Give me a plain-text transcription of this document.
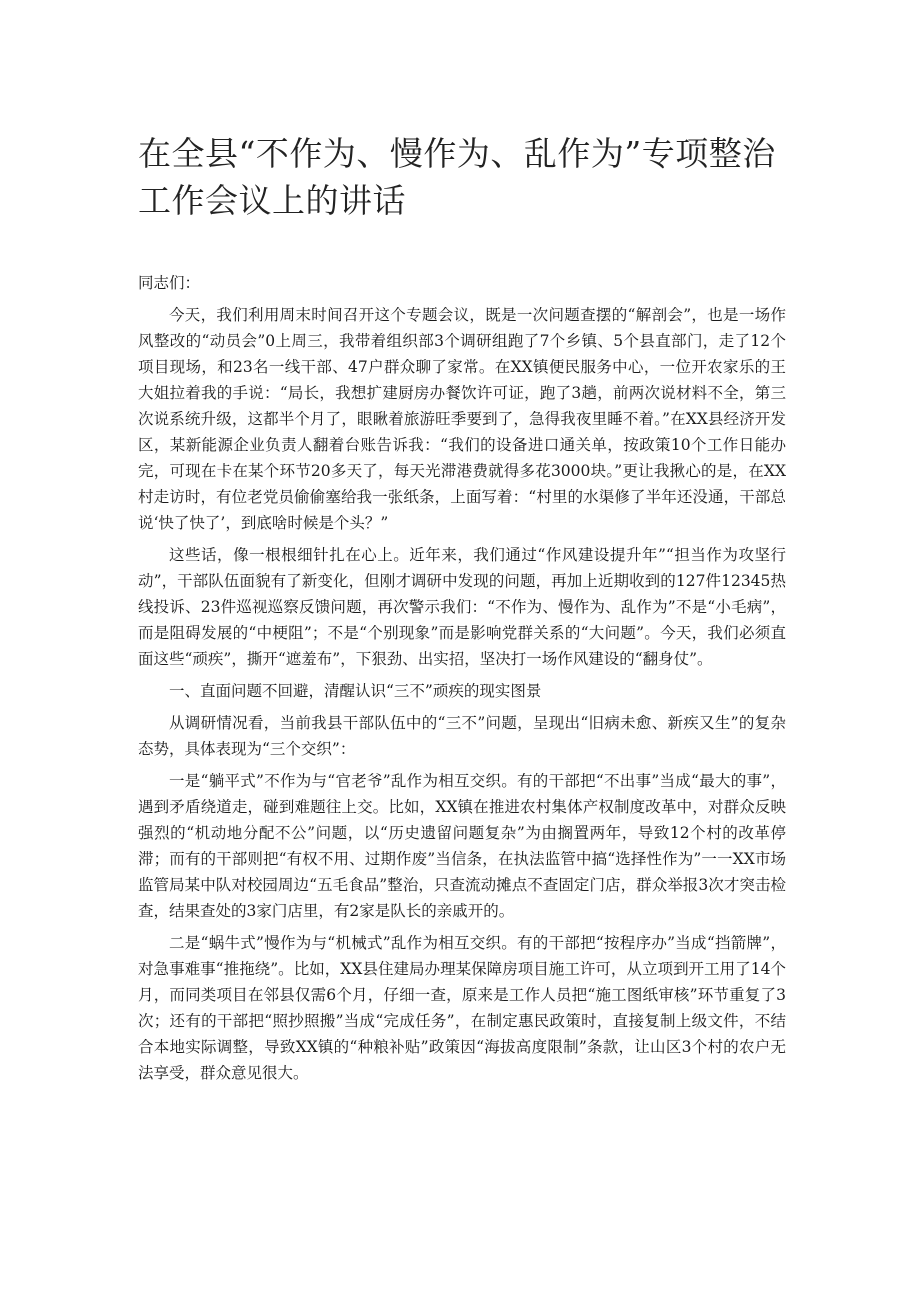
在全县“不作为、慢作为、乱作为”专项整治工作会议上的讲话

同志们：

今天，我们利用周末时间召开这个专题会议，既是一次问题查摆的“解剖会”，也是一场作风整改的“动员会”0上周三，我带着组织部3个调研组跑了7个乡镇、5个县直部门，走了12个项目现场，和23名一线干部、47户群众聊了家常。在XX镇便民服务中心，一位开农家乐的王大姐拉着我的手说：“局长，我想扩建厨房办餐饮许可证，跑了3趟，前两次说材料不全，第三次说系统升级，这都半个月了，眼瞅着旅游旺季要到了，急得我夜里睡不着。”在XX县经济开发区，某新能源企业负责人翻着台账告诉我：“我们的设备进口通关单，按政策10个工作日能办完，可现在卡在某个环节20多天了，每天光滞港费就得多花3000块。”更让我揪心的是，在XX村走访时，有位老党员偷偷塞给我一张纸条，上面写着：“村里的水渠修了半年还没通，干部总说‘快了快了’，到底啥时候是个头？”

这些话，像一根根细针扎在心上。近年来，我们通过“作风建设提升年”“担当作为攻坚行动”，干部队伍面貌有了新变化，但刚才调研中发现的问题，再加上近期收到的127件12345热线投诉、23件巡视巡察反馈问题，再次警示我们：“不作为、慢作为、乱作为”不是“小毛病”，而是阻碍发展的“中梗阻”；不是“个别现象”而是影响党群关系的“大问题”。今天，我们必须直面这些“顽疾”，撕开“遮羞布”，下狠劲、出实招，坚决打一场作风建设的“翻身仗”。

一、直面问题不回避，清醒认识“三不”顽疾的现实图景

从调研情况看，当前我县干部队伍中的“三不”问题，呈现出“旧病未愈、新疾又生”的复杂态势，具体表现为“三个交织”：

一是“躺平式”不作为与“官老爷”乱作为相互交织。有的干部把“不出事”当成“最大的事”，遇到矛盾绕道走，碰到难题往上交。比如，XX镇在推进农村集体产权制度改革中，对群众反映强烈的“机动地分配不公”问题，以“历史遗留问题复杂”为由搁置两年，导致12个村的改革停滞；而有的干部则把“有权不用、过期作废”当信条，在执法监管中搞“选择性作为”一一XX市场监管局某中队对校园周边“五毛食品”整治，只查流动摊点不查固定门店，群众举报3次才突击检查，结果查处的3家门店里，有2家是队长的亲戚开的。

二是“蜗牛式”慢作为与“机械式”乱作为相互交织。有的干部把“按程序办”当成“挡箭牌”，对急事难事“推拖绕”。比如，XX县住建局办理某保障房项目施工许可，从立项到开工用了14个月，而同类项目在邻县仅需6个月，仔细一查，原来是工作人员把“施工图纸审核”环节重复了3次；还有的干部把“照抄照搬”当成“完成任务”，在制定惠民政策时，直接复制上级文件，不结合本地实际调整，导致XX镇的“种粮补贴”政策因“海拔高度限制”条款，让山区3个村的农户无法享受，群众意见很大。
